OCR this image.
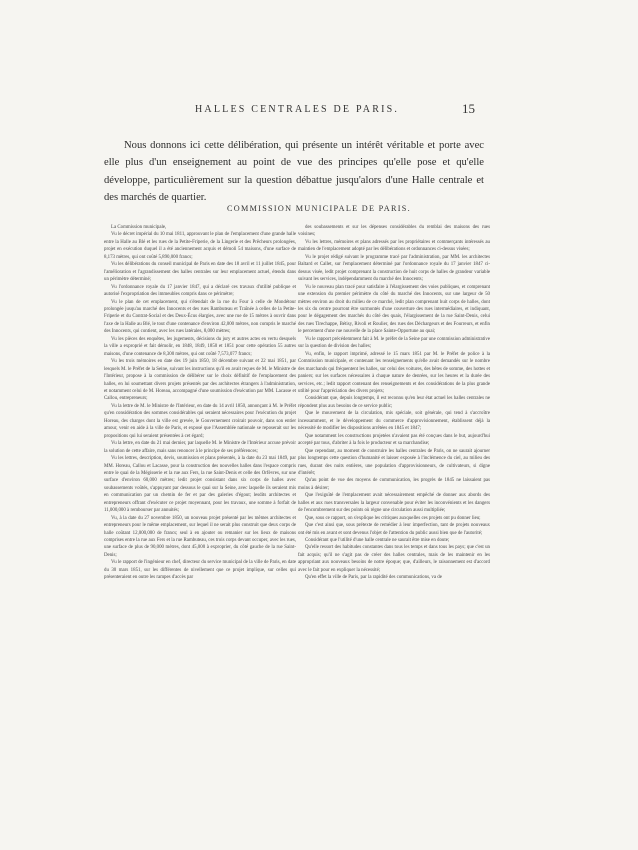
HALLES CENTRALES DE PARIS.	15

Nous donnons ici cette délibération, qui présente un intérêt véritable et porte avec elle plus d'un enseignement au point de vue des principes qu'elle pose et qu'elle développe, particulièrement sur la question débattue jusqu'alors d'une Halle centrale et des marchés de quartier.

COMMISSION MUNICIPALE DE PARIS.

La Commission municipale,

Vu le décret impérial du 10 mai 1811, approuvant le plan de l'emplacement d'une grande halle entre la Halle au Blé et les rues de la Petite-Friperie, de la Lingerie et des Prêcheurs prolongées, projet en exécution duquel il a été anciennement acquis et démoli 54 maisons, d'une surface de 8,173 mètres, qui ont coûté 5,890,000 francs;

Vu les délibérations du conseil municipal de Paris en date des 18 avril et 11 juillet 1845, pour l'amélioration et l'agrandissement des halles centrales sur leur emplacement actuel, étendu dans un périmètre déterminé;

Vu l'ordonnance royale du 17 janvier 1847, qui a déclaré ces travaux d'utilité publique et autorisé l'expropriation des immeubles compris dans ce périmètre;

Vu le plan de cet emplacement, qui s'étendait de la rue du Four à celle de Mondétour prolongée jusqu'au marché des Innocents et des rues Rambuteau et Traînée à celles de la Petite-Friperie et du Contrat-Social et des Deux-Écus élargies, avec une rue de 15 mètres à ouvrir dans l'axe de la Halle au Blé, le tout d'une contenance d'environ 42,000 mètres, non compris le marché des Innocents, qui contient, avec les rues latérales, 8,000 mètres;

Vu les pièces des enquêtes, les jugements, décisions du jury et autres actes en vertu desquels la ville a exproprié et fait démolir, en 1848, 1849, 1850 et 1851 pour cette opération 55 autres maisons, d'une contenance de 8,300 mètres, qui ont coûté 7,573,077 francs;

Vu les trois mémoires en date des 19 juin 1850, 18 décembre suivant et 22 mai 1851, par lesquels M. le Préfet de la Seine, suivant les instructions qu'il en avait reçues de M. le Ministre de l'Intérieur, propose à la commission de délibérer sur le choix définitif de l'emplacement des halles, en lui soumettant divers projets présentés par des architectes étrangers à l'administration, et notamment celui de M. Horeau, accompagné d'une soumission d'exécution par MM. Lacasse et Callou, entrepreneurs;

Vu la lettre de M. le Ministre de l'Intérieur, en date du 14 avril 1850, annonçant à M. le Préfet qu'en considération des sommes considérables qui seraient nécessaires pour l'exécution du projet Horeau, des charges dont la ville est grevée, le Gouvernement croirait pouvoir, dans son entier amour, venir en aide à la ville de Paris, et exposé que l'Assemblée nationale se reposerait sur les propositions qui lui seraient présentées à cet égard;

Vu la lettre, en date du 21 mai dernier, par laquelle M. le Ministre de l'Intérieur accuse prévoir la solution de cette affaire, mais sans renoncer à le principe de ses préférences;

Vu les lettres, description, devis, soumission et plans présentés, à la date du 23 mai 1849, par MM. Horeau, Callou et Lacasse, pour la construction des nouvelles halles dans l'espace compris entre le quai de la Mégisserie et la rue aux Fers, la rue Saint-Denis et celle des Orfèvres, sur une surface d'environ 60,000 mètres; ledit projet consistant dans six corps de halles avec soubassements voûtés, s'appuyant par dessous le quai sur la Seine, avec laquelle ils seraient mis en communication par un chemin de fer et par des galeries d'égout; lesdits architectes et entrepreneurs offrant d'exécuter ce projet moyennant, pour les travaux, une somme à forfait de 11,000,000 à rembourser par annuités;

Vu, à la date du 27 novembre 1850, un nouveau projet présenté par les mêmes architectes et entrepreneurs pour le même emplacement, sur lequel il ne serait plus construit que deux corps de halle coûtant 12,000,000 de francs; seul à en ajouter ou remanier sur les lieux de maisons comprises entre la rue aux Fers et la rue Rambuteau, ces trois corps devant occuper, avec les rues, une surface de plus de 90,000 mètres, dont 45,000 à exproprier, du côté gauche de la rue Saint-Denis;

Vu le rapport de l'ingénieur en chef, directeur du service municipal de la ville de Paris, en date du 30 mars 1851, sur les différentes de nivellement que ce projet implique, sur celles qui présenteraient en outre les rampes d'accès par

des soubassements et sur les dépenses considérables du remblai des maisons des rues voisines;

Vu les lettres, mémoires et plans adressés par les propriétaires et commerçants intéressés au maintien de l'emplacement adopté par les délibérations et ordonnances ci-dessus visées;

Vu le projet rédigé suivant le programme tracé par l'administration, par MM. les architectes Baltard et Callet, sur l'emplacement déterminé par l'ordonnance royale du 17 janvier 1847 ci-dessus visée, ledit projet comprenant la construction de huit corps de halles de grandeur variable suivant les services, indépendamment du marché des Innocents;

Vu le nouveau plan tracé pour satisfaire à l'élargissement des voies publiques, et comprenant une extension du premier périmètre du côté du marché des Innocents, sur une largeur de 50 mètres environ au droit du milieu de ce marché, ledit plan comprenant huit corps de halles, dont les six du centre pourront être surmontés d'une couverture des rues intermédiaires, et indiquant, pour le dégagement des marchés du côté des quais, l'élargissement de la rue Saint-Denis, celui des rues Tirechappe, Bétisy, Rivoli et Roulier, des rues des Déchargeurs et des Fourreurs, et enfin le percement d'une rue nouvelle de la place Sainte-Opportune au quai;

Vu le rapport précédemment fait à M. le préfet de la Seine par une commission administrative sur la question de division des halles;

Vu, enfin, le rapport imprimé, adressé le 15 mars 1851 par M. le Préfet de police à la Commission municipale, et contenant les renseignements qu'elle avait demandés sur le nombre des marchands qui fréquentent les halles, sur celui des voitures, des bêtes de somme, des hottes et paniers; sur les surfaces nécessaires à chaque nature de denrées, sur les heures et la durée des services, etc.; ledit rapport contenant des renseignements et des considérations de la plus grande utilité pour l'appréciation des divers projets;

Considérant que, depuis longtemps, il est reconnu qu'en leur état actuel les halles centrales ne répondent plus aux besoins de ce service public;

Que le mouvement de la circulation, mis spéciale, soit générale, qui tend à s'accroître incessamment, et le développement du commerce d'approvisionnement, établissent déjà la nécessité de modifier les dispositions arrêtées en 1845 et 1847;

Que notamment les constructions projetées n'avaient pas été conçues dans le but, aujourd'hui accepté par tous, d'abriter à la fois le producteur et sa marchandise;

Que cependant, au moment de construire les halles centrales de Paris, on ne saurait ajourner plus longtemps cette question d'humanité et laisser exposée à l'inclémence du ciel, au milieu des rues, durant des nuits entières, une population d'approvisionneurs, de cultivateurs, si digne d'intérêt;

Qu'au point de vue des moyens de communication, les progrès de 1845 ne laissaient pas moins à désirer;

Que l'exiguïté de l'emplacement avait nécessairement empêché de donner aux abords des halles et aux rues transversales la largeur convenable pour éviter les inconvénients et les dangers de l'encombrement sur des points où règne une circulation aussi multipliée;

Que, sous ce rapport, on s'explique les critiques auxquelles ces projets ont pu donner lieu;

Que c'est ainsi que, sous prétexte de remédier à leur imperfection, tant de projets nouveaux ont été mis en avant et sont devenus l'objet de l'attention du public aussi bien que de l'autorité;

Considérant que l'utilité d'une halle centrale ne saurait être mise en doute;

Qu'elle ressort des habitudes constantes dans tous les temps et dans tous les pays; que c'est un fait acquis; qu'il ne s'agit pas de créer des halles centrales, mais de les maintenir en les appropriant aux nouveaux besoins de notre époque; que, d'ailleurs, le raisonnement est d'accord avec le fait pour en expliquer la nécessité;

Qu'en effet la ville de Paris, par la rapidité des communications, va de
